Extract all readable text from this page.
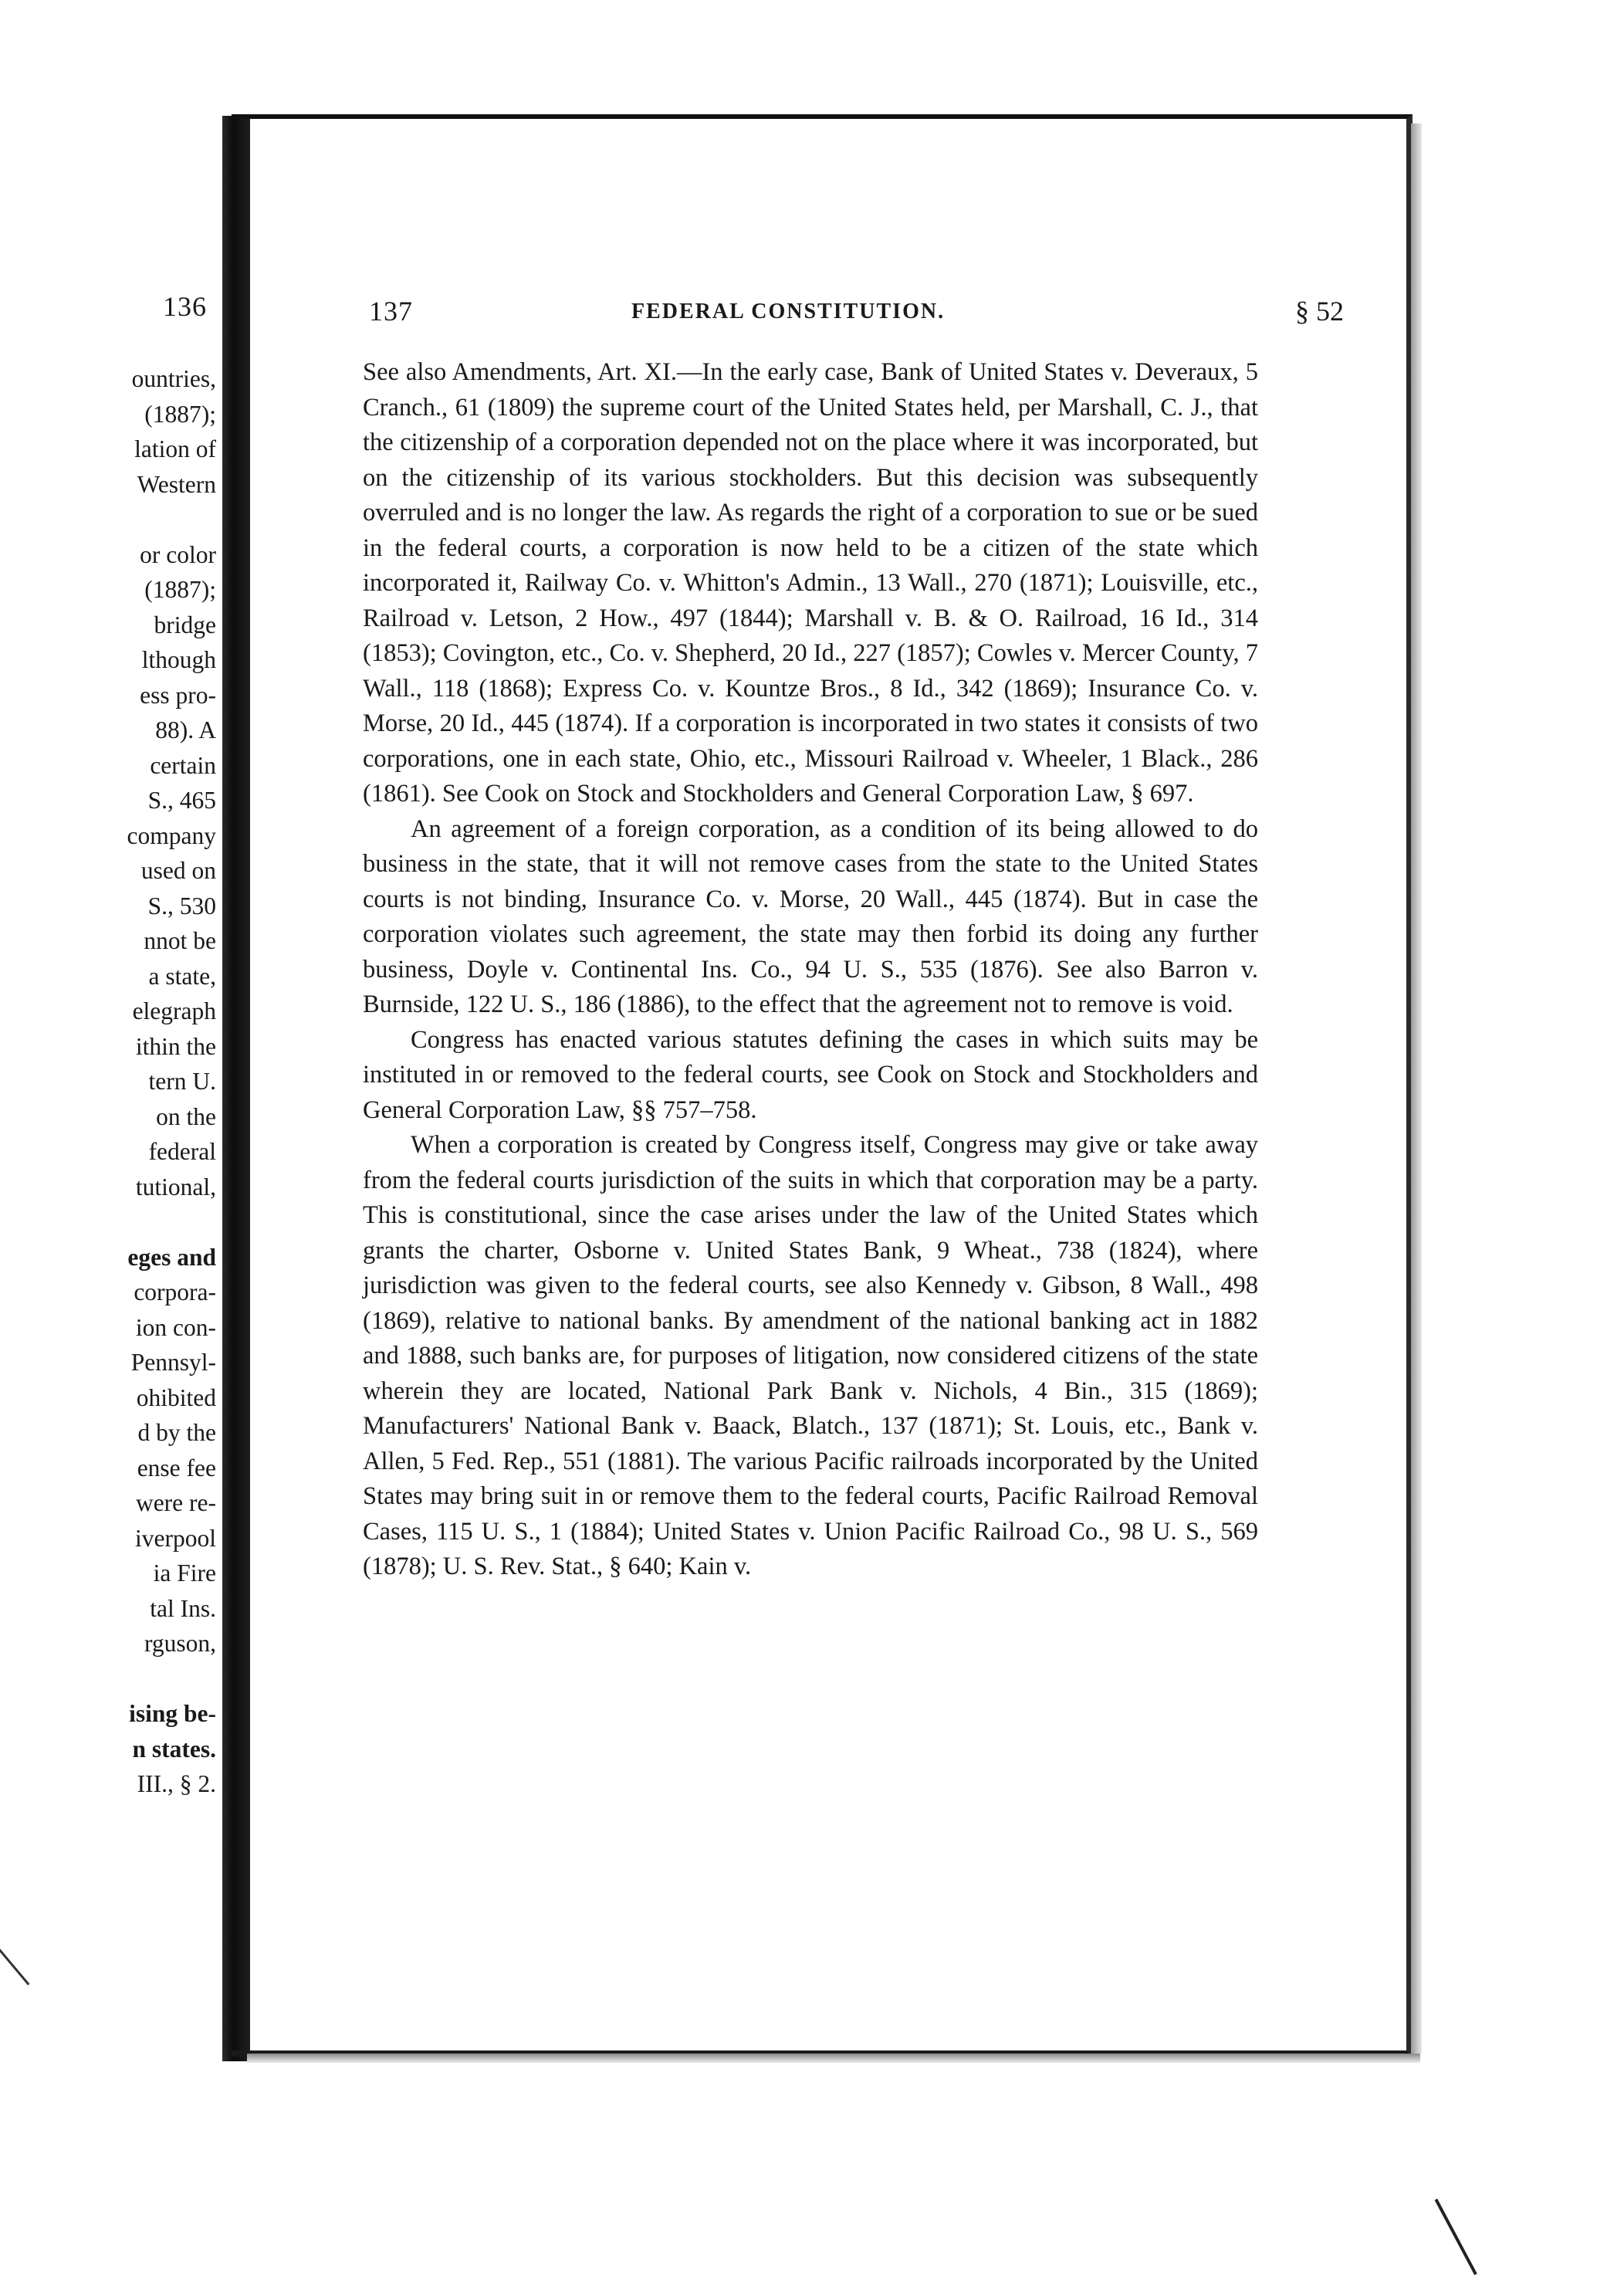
136
ountries,
(1887);
lation of
Western
or color
(1887);
bridge
lthough
ess pro-
88). A
certain
S., 465
company
used on
S., 530
nnot be
a state,
elegraph
ithin the
tern U.
on the
federal
tutional,
eges and
corpora-
ion con-
Pennsyl-
ohibited
d by the
ense fee
were re-
iverpool
ia Fire
tal Ins.
rguson,
ising be-
n states.
III., § 2.
137	FEDERAL CONSTITUTION.	§ 52

See also Amendments, Art. XI.—In the early case, Bank of United States v. Deveraux, 5 Cranch., 61 (1809) the supreme court of the United States held, per Marshall, C. J., that the citizenship of a corporation depended not on the place where it was incorporated, but on the citizenship of its various stockholders. But this decision was subsequently overruled and is no longer the law. As regards the right of a corporation to sue or be sued in the federal courts, a corporation is now held to be a citizen of the state which incorporated it, Railway Co. v. Whitton's Admin., 13 Wall., 270 (1871); Louisville, etc., Railroad v. Letson, 2 How., 497 (1844); Marshall v. B. & O. Railroad, 16 Id., 314 (1853); Covington, etc., Co. v. Shepherd, 20 Id., 227 (1857); Cowles v. Mercer County, 7 Wall., 118 (1868); Express Co. v. Kountze Bros., 8 Id., 342 (1869); Insurance Co. v. Morse, 20 Id., 445 (1874). If a corporation is incorporated in two states it consists of two corporations, one in each state, Ohio, etc., Missouri Railroad v. Wheeler, 1 Black., 286 (1861). See Cook on Stock and Stockholders and General Corporation Law, § 697.

An agreement of a foreign corporation, as a condition of its being allowed to do business in the state, that it will not remove cases from the state to the United States courts is not binding, Insurance Co. v. Morse, 20 Wall., 445 (1874). But in case the corporation violates such agreement, the state may then forbid its doing any further business, Doyle v. Continental Ins. Co., 94 U. S., 535 (1876). See also Barron v. Burnside, 122 U. S., 186 (1886), to the effect that the agreement not to remove is void.

Congress has enacted various statutes defining the cases in which suits may be instituted in or removed to the federal courts, see Cook on Stock and Stockholders and General Corporation Law, §§ 757–758.

When a corporation is created by Congress itself, Congress may give or take away from the federal courts jurisdiction of the suits in which that corporation may be a party. This is constitutional, since the case arises under the law of the United States which grants the charter, Osborne v. United States Bank, 9 Wheat., 738 (1824), where jurisdiction was given to the federal courts, see also Kennedy v. Gibson, 8 Wall., 498 (1869), relative to national banks. By amendment of the national banking act in 1882 and 1888, such banks are, for purposes of litigation, now considered citizens of the state wherein they are located, National Park Bank v. Nichols, 4 Bin., 315 (1869); Manufacturers' National Bank v. Baack, Blatch., 137 (1871); St. Louis, etc., Bank v. Allen, 5 Fed. Rep., 551 (1881). The various Pacific railroads incorporated by the United States may bring suit in or remove them to the federal courts, Pacific Railroad Removal Cases, 115 U. S., 1 (1884); United States v. Union Pacific Railroad Co., 98 U. S., 569 (1878); U. S. Rev. Stat., § 640; Kain v.
